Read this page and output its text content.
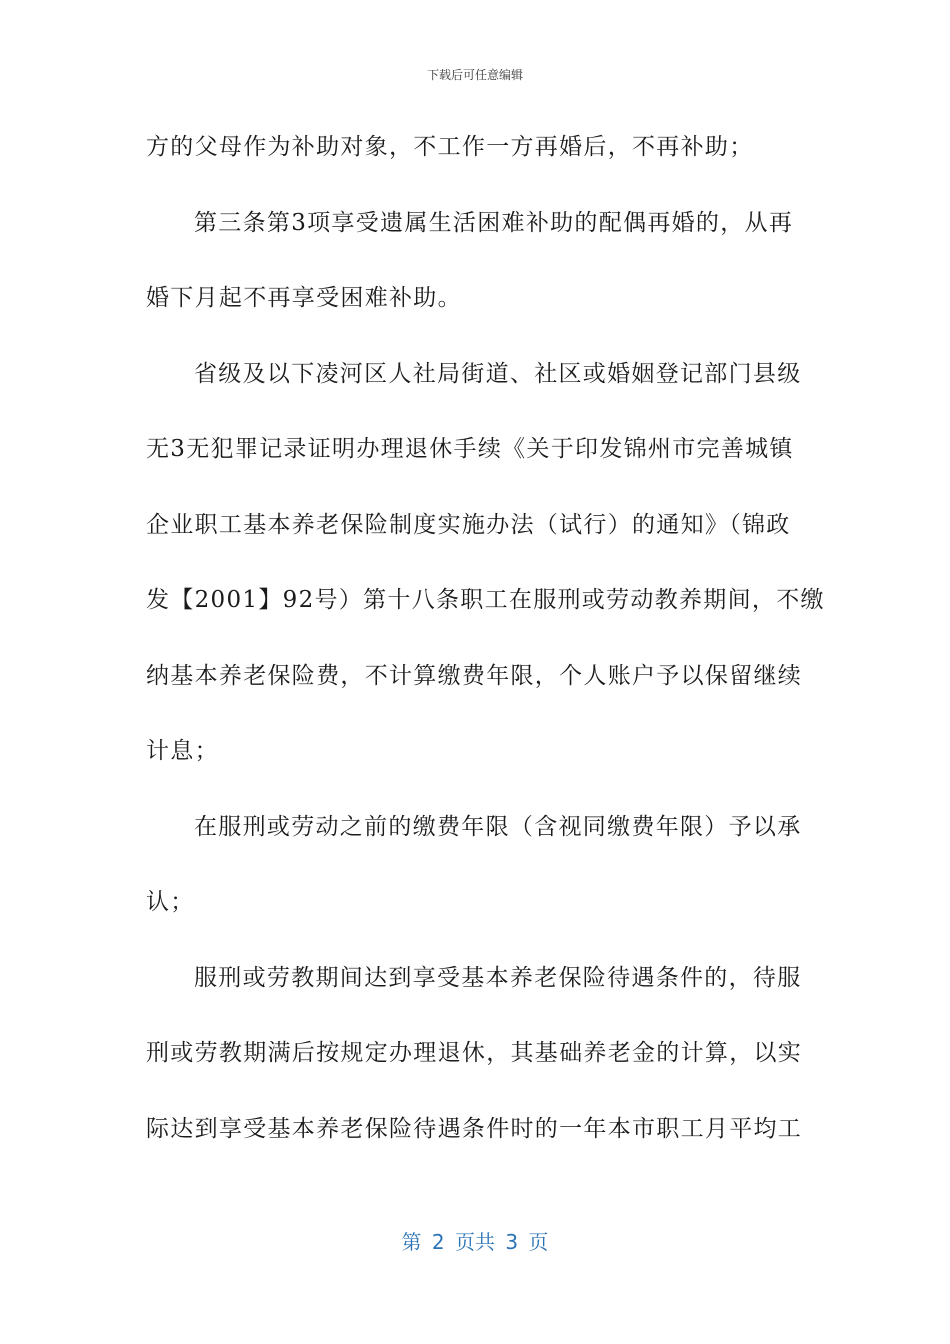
下载后可任意编辑
方的父母作为补助对象，不工作一方再婚后，不再补助；
第三条第3项享受遗属生活困难补助的配偶再婚的，从再
婚下月起不再享受困难补助。
省级及以下凌河区人社局街道、社区或婚姻登记部门县级
无3无犯罪记录证明办理退休手续《关于印发锦州市完善城镇
企业职工基本养老保险制度实施办法（试行）的通知》（锦政
发【2001】92号）第十八条职工在服刑或劳动教养期间，不缴
纳基本养老保险费，不计算缴费年限，个人账户予以保留继续
计息；
在服刑或劳动之前的缴费年限（含视同缴费年限）予以承
认；
服刑或劳教期间达到享受基本养老保险待遇条件的，待服
刑或劳教期满后按规定办理退休，其基础养老金的计算，以实
际达到享受基本养老保险待遇条件时的一年本市职工月平均工
第 2 页共 3 页
